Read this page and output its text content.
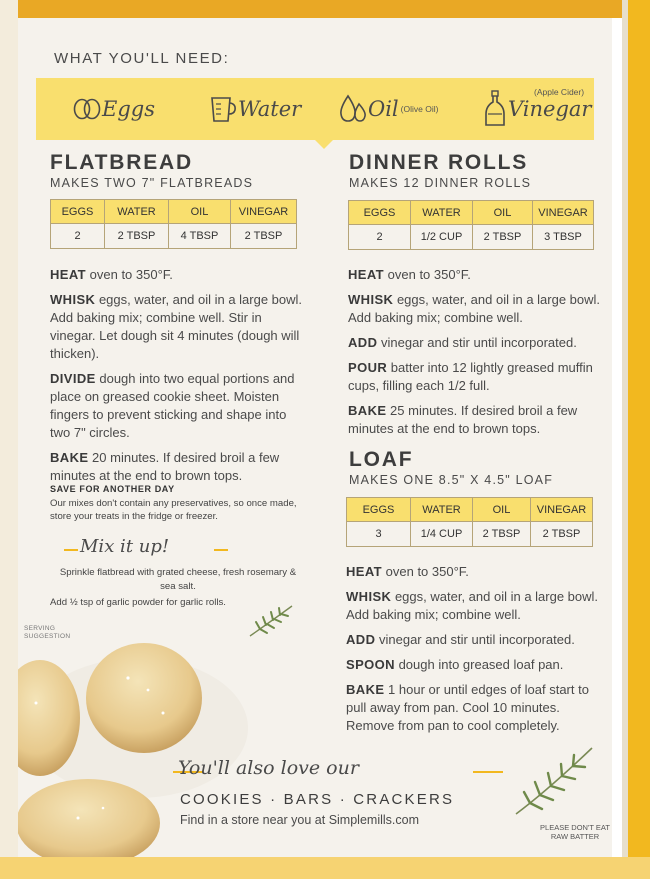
WHAT YOU'LL NEED:
Eggs	Water	Oil (Olive Oil)	Vinegar
(Apple Cider)
FLATBREAD
MAKES TWO 7" FLATBREADS
EGGS	WATER	OIL	VINEGAR
2	2 TBSP	4 TBSP	2 TBSP

HEAT oven to 350°F.

WHISK eggs, water, and oil in a large bowl. Add baking mix; combine well. Stir in vinegar. Let dough sit 4 minutes (dough will thicken).

DIVIDE dough into two equal portions and place on greased cookie sheet. Moisten fingers to prevent sticking and shape into two 7" circles.

BAKE 20 minutes. If desired broil a few minutes at the end to brown tops.

SAVE FOR ANOTHER DAY
Our mixes don't contain any preservatives, so once made, store your treats in the fridge or freezer.
Mix it up!
Sprinkle flatbread with grated cheese, fresh rosemary & sea salt.
Add ½ tsp of garlic powder for garlic rolls.
SERVING
SUGGESTION
DINNER ROLLS
MAKES 12 DINNER ROLLS
EGGS	WATER	OIL	VINEGAR
2	1/2 CUP	2 TBSP	3 TBSP

HEAT oven to 350°F.

WHISK eggs, water, and oil in a large bowl. Add baking mix; combine well.

ADD vinegar and stir until incorporated.

POUR batter into 12 lightly greased muffin cups, filling each 1/2 full.

BAKE 25 minutes. If desired broil a few minutes at the end to brown tops.

LOAF
MAKES ONE 8.5" X 4.5" LOAF
EGGS	WATER	OIL	VINEGAR
3	1/4 CUP	2 TBSP	2 TBSP

HEAT oven to 350°F.

WHISK eggs, water, and oil in a large bowl. Add baking mix; combine well.

ADD vinegar and stir until incorporated.

SPOON dough into greased loaf pan.

BAKE 1 hour or until edges of loaf start to pull away from pan. Cool 10 minutes. Remove from pan to cool completely.

You'll also love our
COOKIES · BARS · CRACKERS
Find in a store near you at Simplemills.com
PLEASE DON'T EAT RAW BATTER
